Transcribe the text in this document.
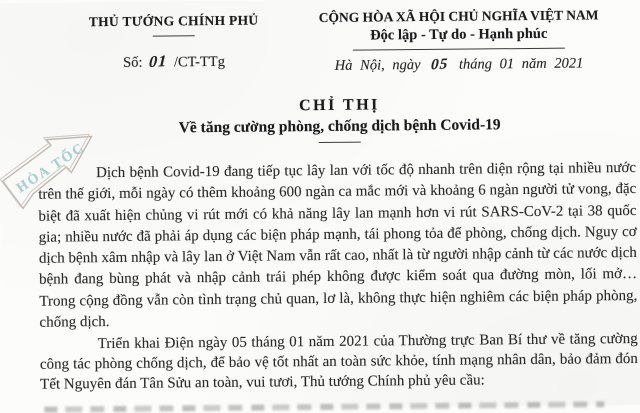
THỦ TƯỚNG CHÍNH PHỦ
Số: 01 /CT-TTg
CỘNG HÒA XÃ HỘI CHỦ NGHĨA VIỆT NAM
Độc lập - Tự do - Hạnh phúc
Hà Nội, ngày 05 tháng 01 năm 2021
HỎA TỐC
CHỈ THỊ
Về tăng cường phòng, chống dịch bệnh Covid-19

Dịch bệnh Covid-19 đang tiếp tục lây lan với tốc độ nhanh trên diện rộng tại nhiều nước trên thế giới, mỗi ngày có thêm khoảng 600 ngàn ca mắc mới và khoảng 6 ngàn người tử vong, đặc biệt đã xuất hiện chủng vi rút mới có khả năng lây lan mạnh hơn vi rút SARS-CoV-2 tại 38 quốc gia; nhiều nước đã phải áp dụng các biện pháp mạnh, tái phong tỏa để phòng, chống dịch. Nguy cơ dịch bệnh xâm nhập và lây lan ở Việt Nam vẫn rất cao, nhất là từ người nhập cảnh từ các nước dịch bệnh đang bùng phát và nhập cảnh trái phép không được kiểm soát qua đường mòn, lối mở… Trong cộng đồng vẫn còn tình trạng chủ quan, lơ là, không thực hiện nghiêm các biện pháp phòng, chống dịch.

Triển khai Điện ngày 05 tháng 01 năm 2021 của Thường trực Ban Bí thư về tăng cường công tác phòng chống dịch, để bảo vệ tốt nhất an toàn sức khỏe, tính mạng nhân dân, bảo đảm đón Tết Nguyên đán Tân Sửu an toàn, vui tươi, Thủ tướng Chính phủ yêu cầu:
